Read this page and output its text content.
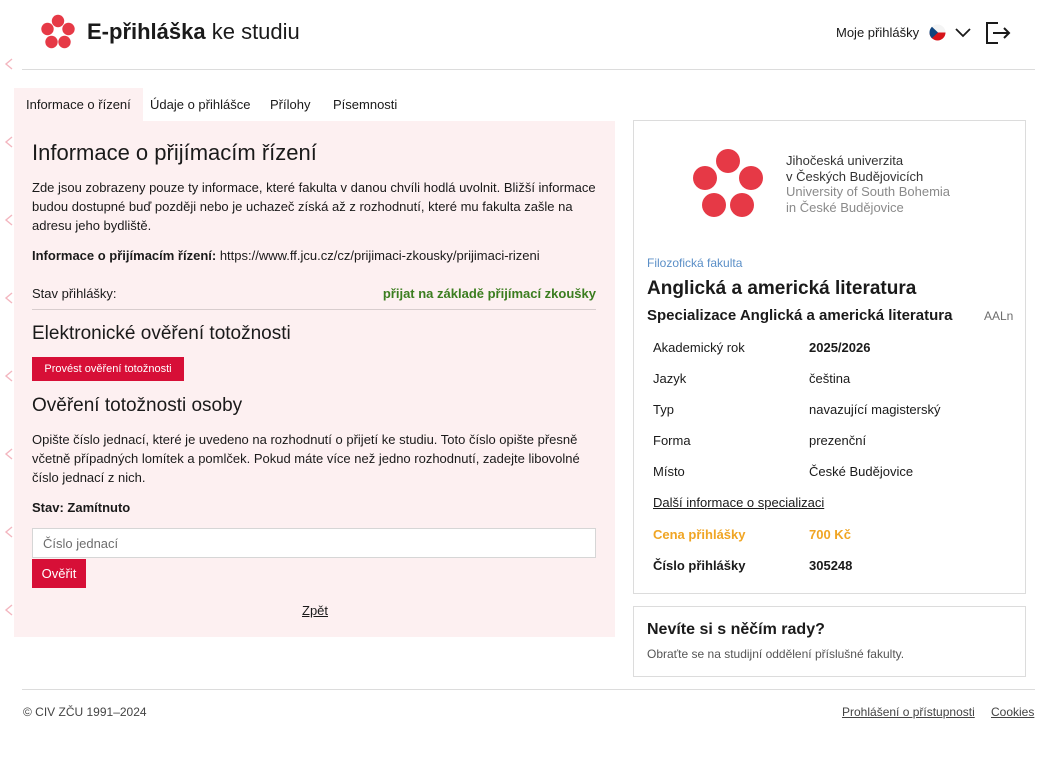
E-přihláška ke studiu	Moje přihlášky
Informace o řízení	Údaje o přihlášce	Přílohy	Písemnosti
Informace o přijímacím řízení
Zde jsou zobrazeny pouze ty informace, které fakulta v danou chvíli hodlá uvolnit. Bližší informace budou dostupné buď později nebo je uchazeč získá až z rozhodnutí, které mu fakulta zašle na adresu jeho bydliště.
Informace o přijímacím řízení: https://www.ff.jcu.cz/cz/prijimaci-zkousky/prijimaci-rizeni
Stav přihlášky:	přijat na základě přijímací zkoušky
Elektronické ověření totožnosti
Provést ověření totožnosti
Ověření totožnosti osoby
Opište číslo jednací, které je uvedeno na rozhodnutí o přijetí ke studiu. Toto číslo opište přesně včetně případných lomítek a pomlček. Pokud máte více než jedno rozhodnutí, zadejte libovolné číslo jednací z nich.
Stav: Zamítnuto
Číslo jednací
Ověřit
Zpět
Jihočeská univerzita
v Českých Budějovicích
University of South Bohemia
in České Budějovice
Filozofická fakulta
Anglická a americká literatura
Specializace Anglická a americká literatura	AALn
Akademický rok	2025/2026
Jazyk	čeština
Typ	navazující magisterský
Forma	prezenční
Místo	České Budějovice
Další informace o specializaci
Cena přihlášky	700 Kč
Číslo přihlášky	305248
Nevíte si s něčím rady?
Obraťte se na studijní oddělení příslušné fakulty.
© CIV ZČU 1991–2024	Prohlášení o přístupnosti Cookies
